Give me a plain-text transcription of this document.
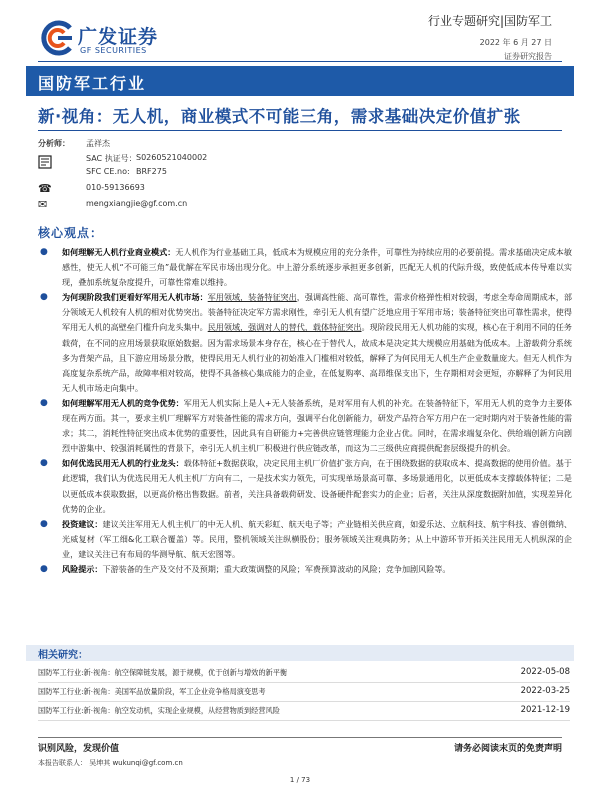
广发证券
GF SECURITIES
行业专题研究|国防军工
2022 年 6 月 27 日
证券研究报告
国防军工行业
新·视角：无人机，商业模式不可能三角，需求基础决定价值扩张
分析师： 孟祥杰
SAC 执证号： S0260521040002
SFC CE.no: BRF275
☎	010-59136693
✉	mengxiangjie@gf.com.cn
核心观点：
● 如何理解无人机行业商业模式：无人机作为行业基础工具，低成本为规模应用的充分条件，可靠性为持续应用的必要前提。需求基础决定成本敏感性，使无人机“不可能三角”最优解在军民市场出现分化。中上游分系统逐步承担更多创新，匹配无人机的代际升级，致使低成本传导难以实现，叠加系统复杂度提升，可靠性常难以维持。
● 为何现阶段我们更看好军用无人机市场：军用领域，装备特征突出，强调高性能、高可靠性，需求价格弹性相对较弱，考虑全寿命周期成本，部分领域无人机较有人机的相对优势突出。装备特征决定军方需求刚性，牵引无人机有望广泛地应用于军用市场；装备特征突出可靠性需求，使得军用无人机的高壁垒门槛升向龙头集中。民用领域，强调对人的替代，载体特征突出。现阶段民用无人机功能的实现，核心在于利用不同的任务载荷，在不同的应用场景获取原始数据。因为需求场景本身存在，核心在于替代人，故成本是决定其大规模应用基础为低成本。上游载荷分系统多为背架产品，且下游应用场景分散，使得民用无人机行业的初始准入门槛相对较低，解释了为何民用无人机生产企业数量庞大。但无人机作为高度复杂系统产品，故障率相对较高，使得不具备核心集成能力的企业，在低复购率、高昂维保支出下，生存期相对会更短，亦解释了为何民用无人机市场走向集中。
● 如何理解军用无人机的竞争优势：军用无人机实际上是人+无人装备系统，是对军用有人机的补充。在装备特征下，军用无人机的竞争力主要体现在两方面。其一，要求主机厂理解军方对装备性能的需求方向，强调平台化创新能力，研发产品符合军方用户在一定时期内对于装备性能的需求；其二，消耗性特征突出成本优势的重要性，因此具有自研能力+完善供应链管理能力企业占优。同时，在需求端复杂化、供给端创新方向剧烈中游集中、较强消耗属性的背景下，牵引无人机主机厂积极进行供应链改革，而这为二三级供应商提供配套层级提升的机会。
● 如何优选民用无人机的行业龙头：载体特征+数据获取，决定民用主机厂价值扩张方向，在于围绕数据的获取成本、提高数据的使用价值。基于此逻辑，我们认为优选民用无人机主机厂方向有二，一是技术实力领先，可实现单场景高可靠、多场景通用化，以更低成本支撑载体特征；二是以更低成本获取数据，以更高价格出售数据。前者，关注具备载荷研发、设备硬件配套实力的企业；后者，关注从深度数据附加值，实现差异化优势的企业。
● 投资建议：建议关注军用无人机主机厂的中无人机、航天彩虹、航天电子等；产业链相关供应商，如爱乐达、立航科技、航宇科技、睿创微纳、光威复材（军工细&化工联合覆盖）等。民用，整机领域关注纵横股份；服务领域关注观典防务；从上中游环节开拓关注民用无人机纵深的企业，建议关注已有布局的华测导航、航天宏图等。
● 风险提示：下游装备的生产及交付不及预期；重大政策调整的风险；军费预算波动的风险；竞争加剧风险等。
相关研究：
国防军工行业:新·视角：航空保障链发展，源于规模，优于创新与增效的新平衡	2022-05-08
国防军工行业:新·视角：美国军品放量阶段，军工企业竞争格局演变思考	2022-03-25
国防军工行业:新·视角：航空发动机，实现企业规模，从经营物质到经营风险	2021-12-19
识别风险，发现价值	请务必阅读末页的免责声明
本报告联系人： 吴坤其 wukunqi@gf.com.cn
1 / 73
